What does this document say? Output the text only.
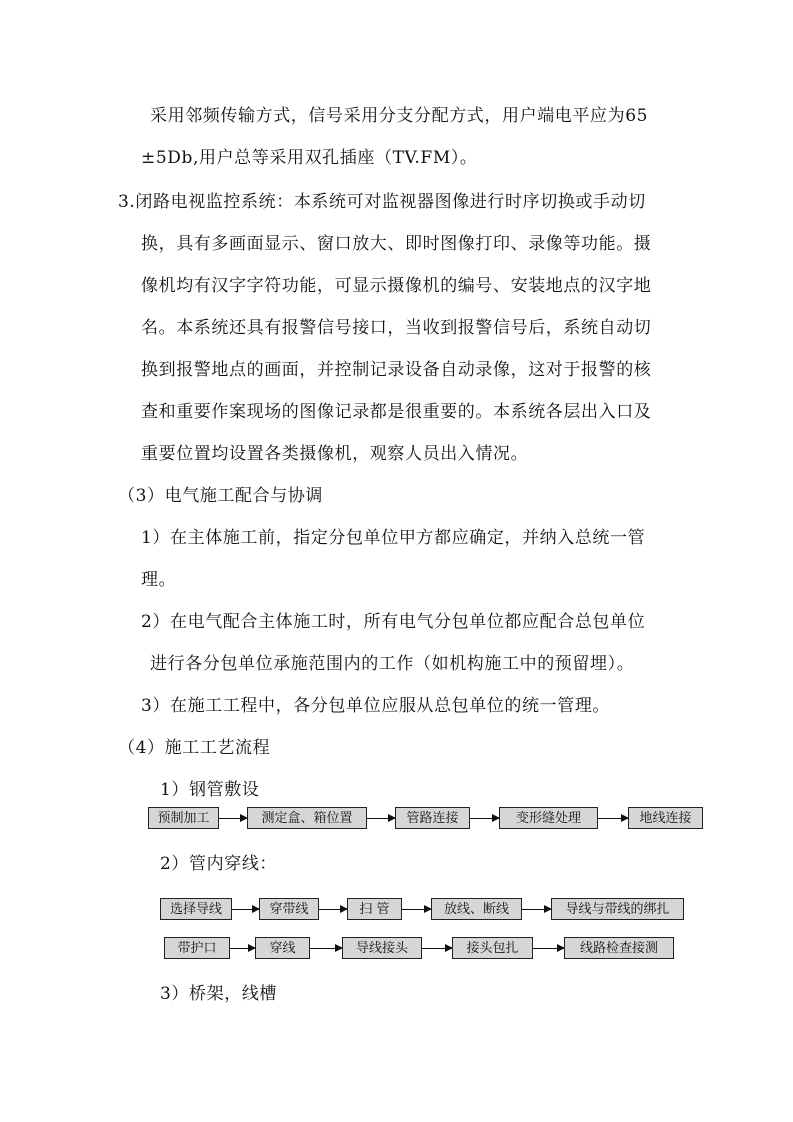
采用邻频传输方式，信号采用分支分配方式，用户端电平应为65
±5Db,用户总等采用双孔插座（TV.FM）。
3.闭路电视监控系统：本系统可对监视器图像进行时序切换或手动切
换，具有多画面显示、窗口放大、即时图像打印、录像等功能。摄
像机均有汉字字符功能，可显示摄像机的编号、安装地点的汉字地
名。本系统还具有报警信号接口，当收到报警信号后，系统自动切
换到报警地点的画面，并控制记录设备自动录像，这对于报警的核
查和重要作案现场的图像记录都是很重要的。本系统各层出入口及
重要位置均设置各类摄像机，观察人员出入情况。
（3）电气施工配合与协调
1）在主体施工前，指定分包单位甲方都应确定，并纳入总统一管
理。
2）在电气配合主体施工时，所有电气分包单位都应配合总包单位
进行各分包单位承施范围内的工作（如机构施工中的预留埋）。
3）在施工工程中，各分包单位应服从总包单位的统一管理。
（4）施工工艺流程
1）钢管敷设
预制加工	测定盒、箱位置	管路连接	变形缝处理	地线连接
2）管内穿线：
选择导线	穿带线	扫 管	放线、断线	导线与带线的绑扎
带护口	穿线	导线接头	接头包扎	线路检查接测
3）桥架，线槽
